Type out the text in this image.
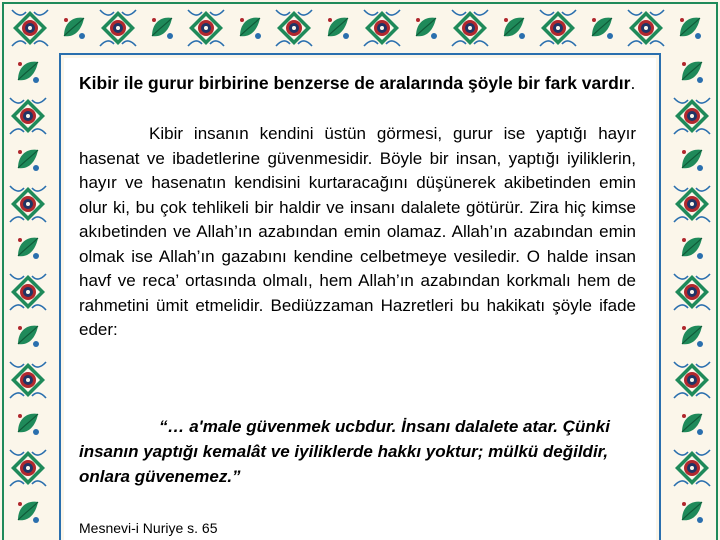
Kibir ile gurur birbirine benzerse de aralarında şöyle bir fark vardır.
Kibir insanın kendini üstün görmesi, gurur ise yaptığı hayır hasenat ve ibadetlerine güvenmesidir. Böyle bir insan, yaptığı iyiliklerin, hayır ve hasenatın kendisini kurtaracağını düşünerek akibetinden emin olur ki, bu çok tehlikeli bir haldir ve insanı dalalete götürür. Zira hiç kimse akıbetinden ve Allah’ın azabından emin olamaz. Allah’ın azabından emin olmak ise Allah’ın gazabını kendine celbetmeye vesiledir. O halde insan havf ve reca’ ortasında olmalı, hem Allah’ın azabından korkmalı hem de rahmetini ümit etmelidir. Bediüzzaman Hazretleri bu hakikatı şöyle ifade eder:
“… a'male güvenmek ucbdur. İnsanı dalalete atar. Çünki insanın yaptığı kemalât ve iyiliklerde hakkı yoktur; mülkü değildir, onlara güvenemez.”
Mesnevi-i Nuriye s. 65
